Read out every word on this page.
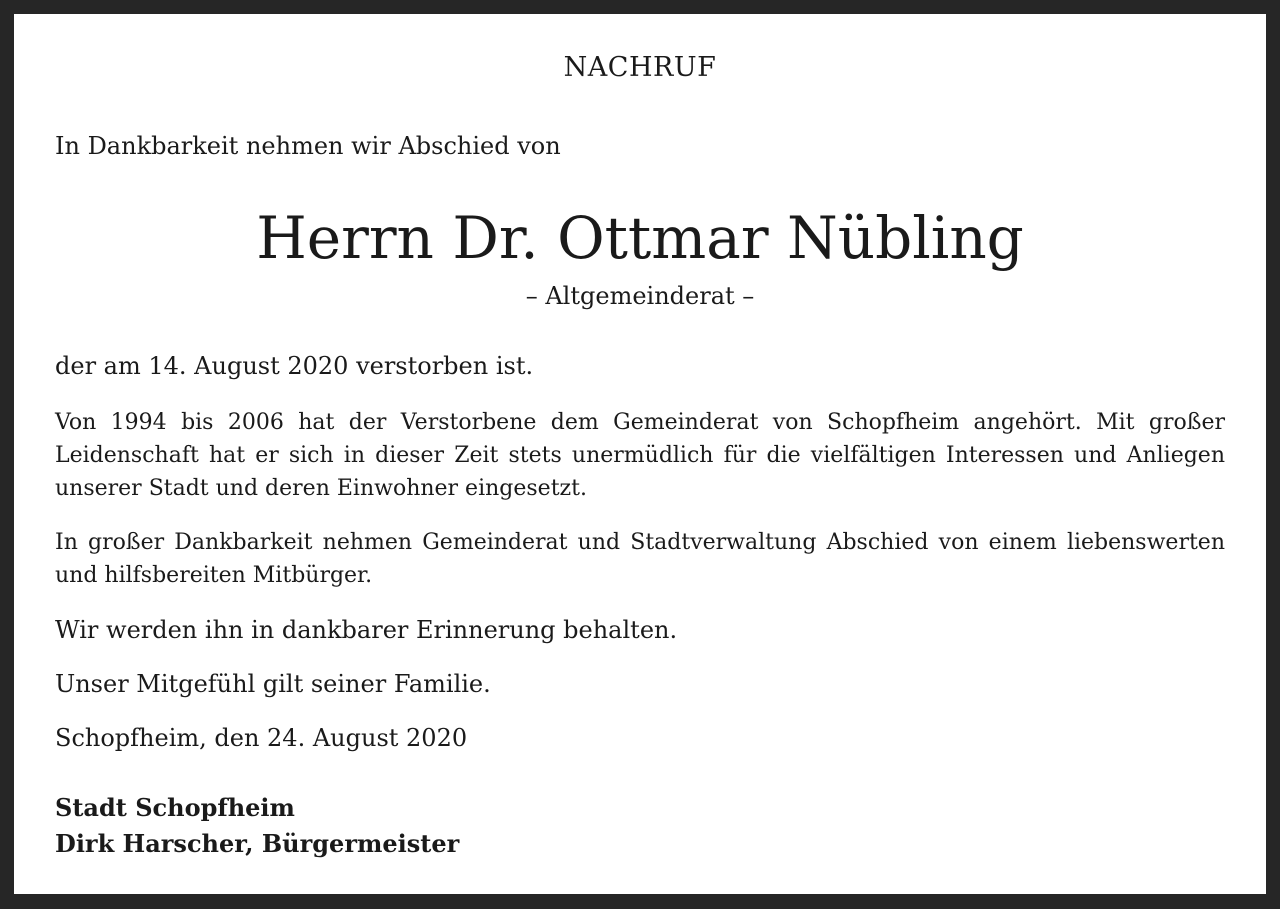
NACHRUF
In Dankbarkeit nehmen wir Abschied von
Herrn Dr. Ottmar Nübling
– Altgemeinderat –
der am 14. August 2020 verstorben ist.
Von 1994 bis 2006 hat der Verstorbene dem Gemeinderat von Schopfheim angehört. Mit großer Leidenschaft hat er sich in dieser Zeit stets unermüdlich für die vielfältigen Interessen und Anliegen unserer Stadt und deren Einwohner eingesetzt.
In großer Dankbarkeit nehmen Gemeinderat und Stadtverwaltung Abschied von einem liebenswerten und hilfsbereiten Mitbürger.
Wir werden ihn in dankbarer Erinnerung behalten.
Unser Mitgefühl gilt seiner Familie.
Schopfheim, den 24. August 2020
Stadt Schopfheim
Dirk Harscher, Bürgermeister
